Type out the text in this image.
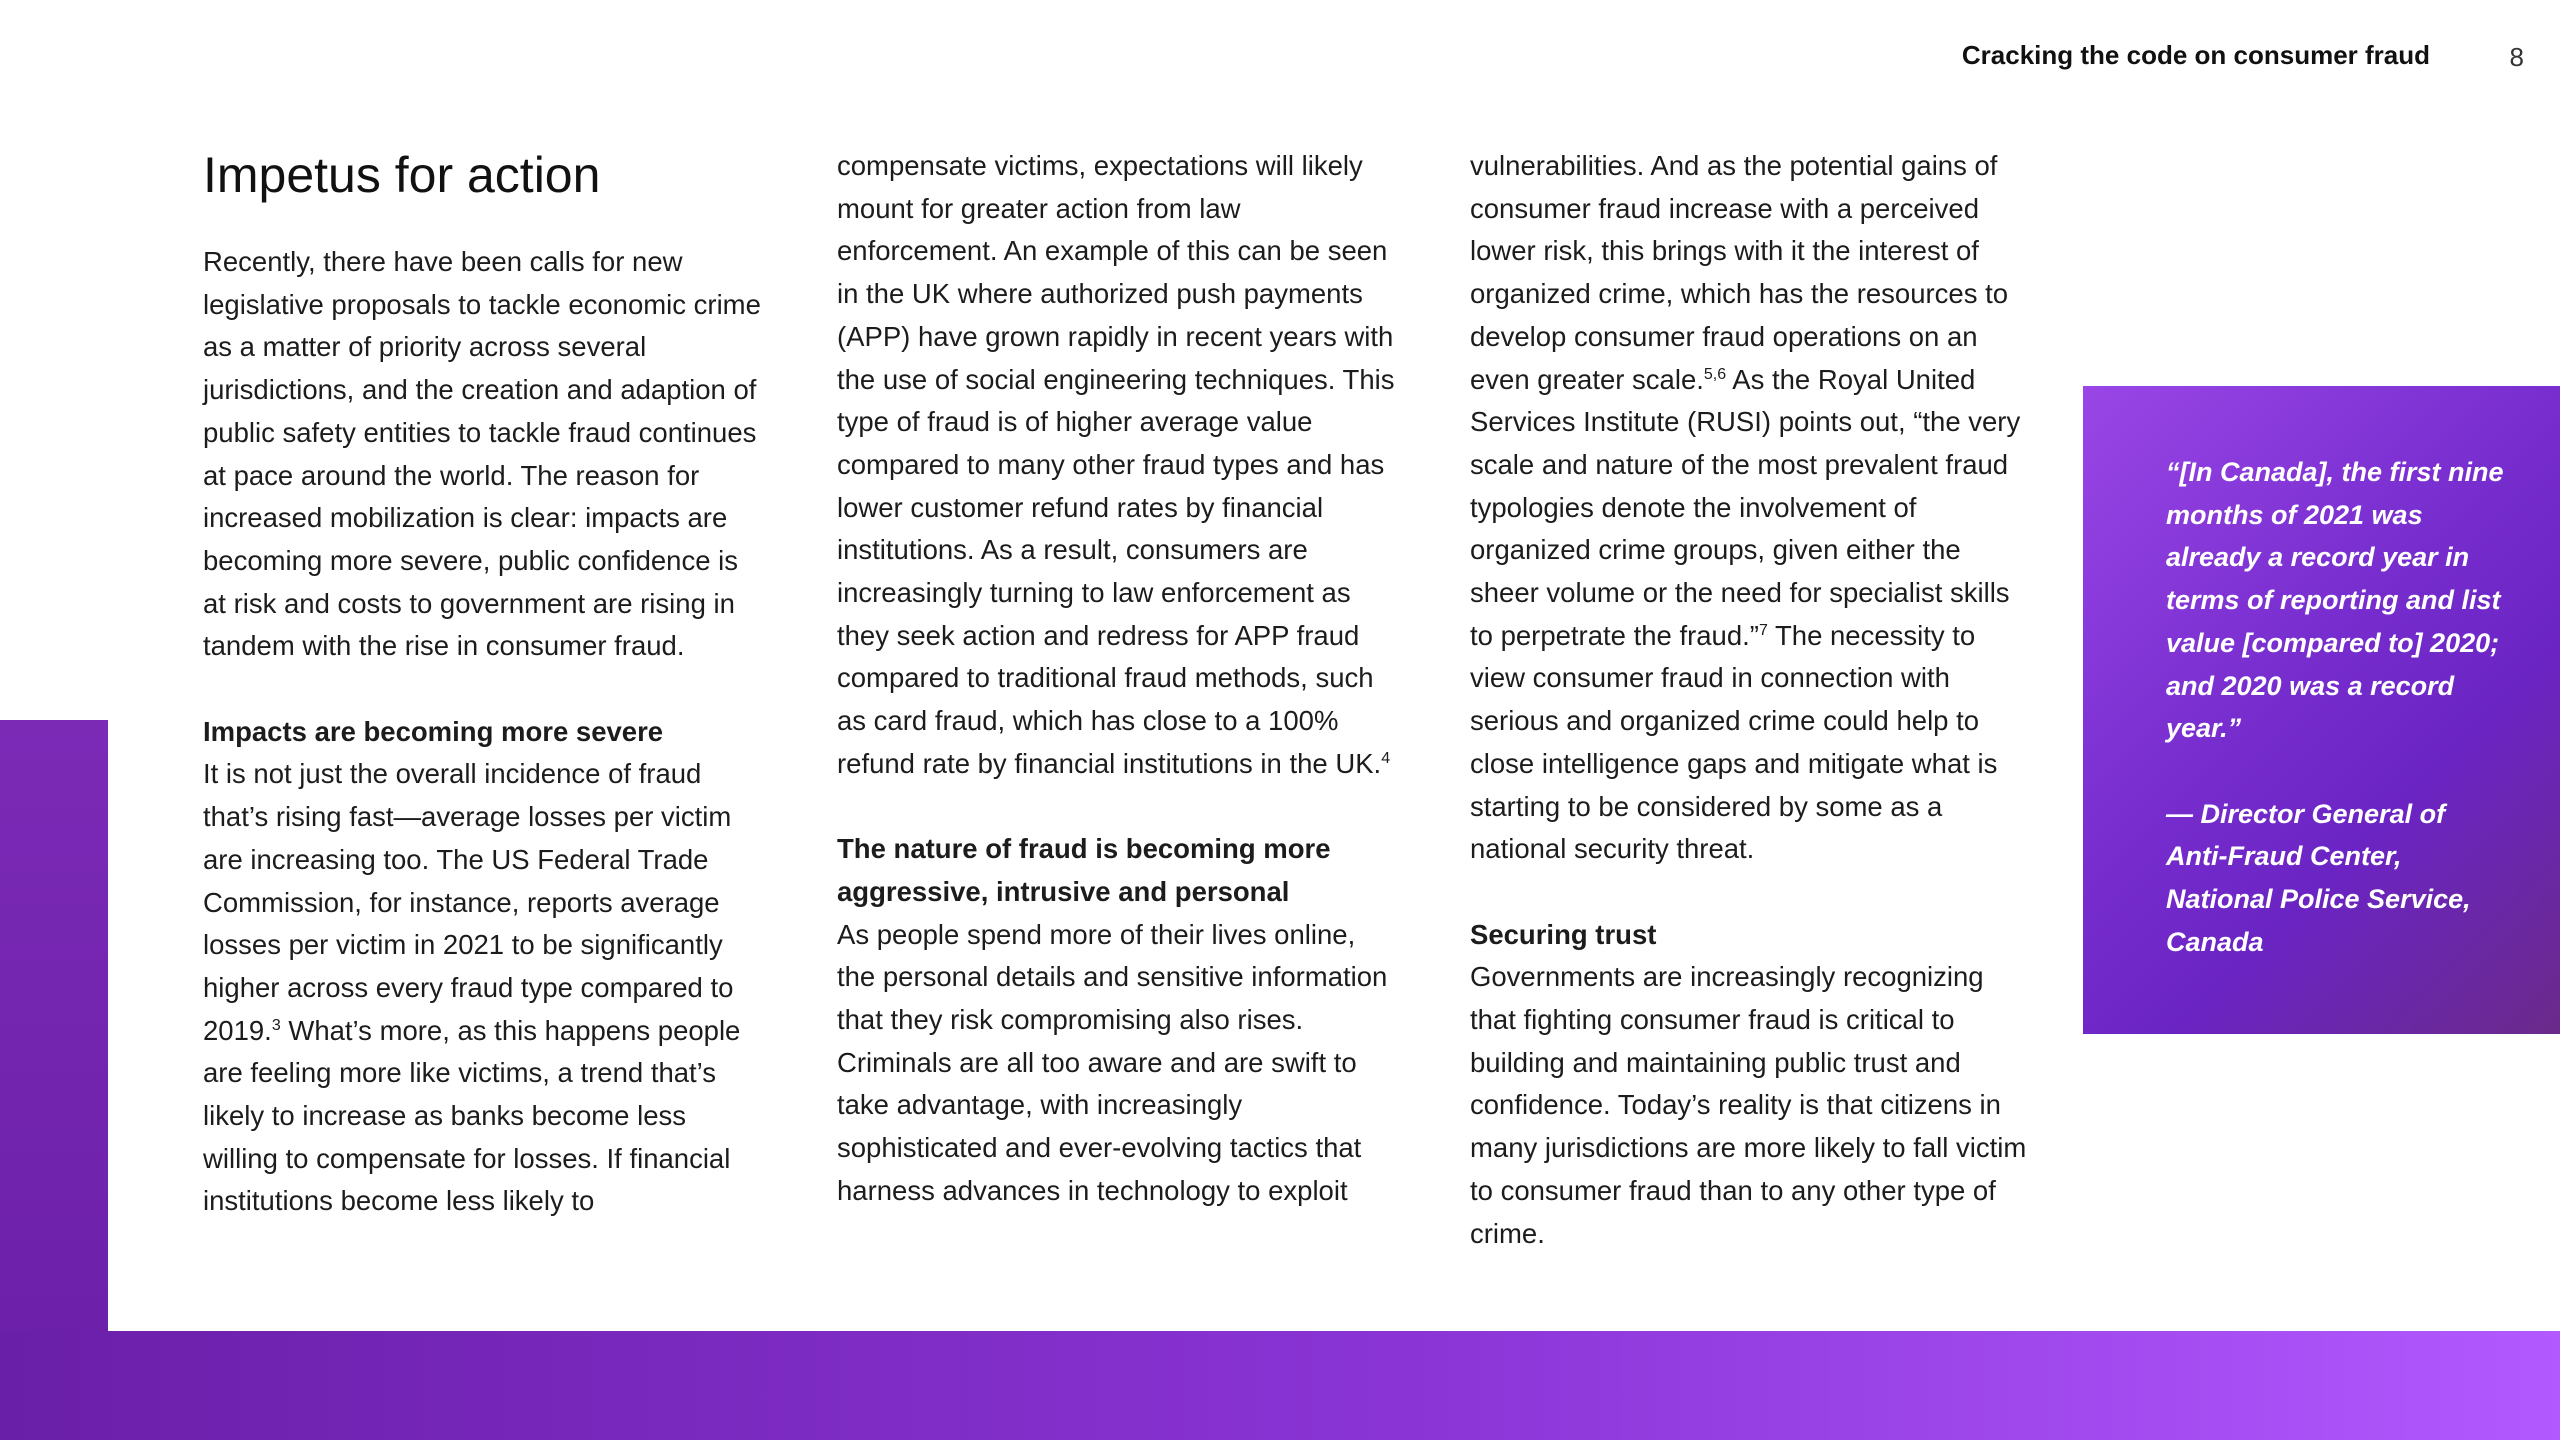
Cracking the code on consumer fraud	8
Impetus for action

Recently, there have been calls for new legislative proposals to tackle economic crime as a matter of priority across several jurisdictions, and the creation and adaption of public safety entities to tackle fraud continues at pace around the world. The reason for increased mobilization is clear: impacts are becoming more severe, public confidence is at risk and costs to government are rising in tandem with the rise in consumer fraud.

Impacts are becoming more severe
It is not just the overall incidence of fraud that’s rising fast—average losses per victim are increasing too. The US Federal Trade Commission, for instance, reports average losses per victim in 2021 to be significantly higher across every fraud type compared to 2019.$^3$ What’s more, as this happens people are feeling more like victims, a trend that’s likely to increase as banks become less willing to compensate for losses. If financial institutions become less likely to

compensate victims, expectations will likely mount for greater action from law enforcement. An example of this can be seen in the UK where authorized push payments (APP) have grown rapidly in recent years with the use of social engineering techniques. This type of fraud is of higher average value compared to many other fraud types and has lower customer refund rates by financial institutions. As a result, consumers are increasingly turning to law enforcement as they seek action and redress for APP fraud compared to traditional fraud methods, such as card fraud, which has close to a 100% refund rate by financial institutions in the UK.$^4$

The nature of fraud is becoming more aggressive, intrusive and personal
As people spend more of their lives online, the personal details and sensitive information that they risk compromising also rises. Criminals are all too aware and are swift to take advantage, with increasingly sophisticated and ever-evolving tactics that harness advances in technology to exploit

vulnerabilities. And as the potential gains of consumer fraud increase with a perceived lower risk, this brings with it the interest of organized crime, which has the resources to develop consumer fraud operations on an even greater scale.$^{5,6}$ As the Royal United Services Institute (RUSI) points out, “the very scale and nature of the most prevalent fraud typologies denote the involvement of organized crime groups, given either the sheer volume or the need for specialist skills to perpetrate the fraud.”$^7$ The necessity to view consumer fraud in connection with serious and organized crime could help to close intelligence gaps and mitigate what is starting to be considered by some as a national security threat.

Securing trust
Governments are increasingly recognizing that fighting consumer fraud is critical to building and maintaining public trust and confidence. Today’s reality is that citizens in many jurisdictions are more likely to fall victim to consumer fraud than to any other type of crime.

“[In Canada], the first nine months of 2021 was already a record year in terms of reporting and list value [compared to] 2020; and 2020 was a record year.”

— Director General of Anti-Fraud Center, National Police Service, Canada
